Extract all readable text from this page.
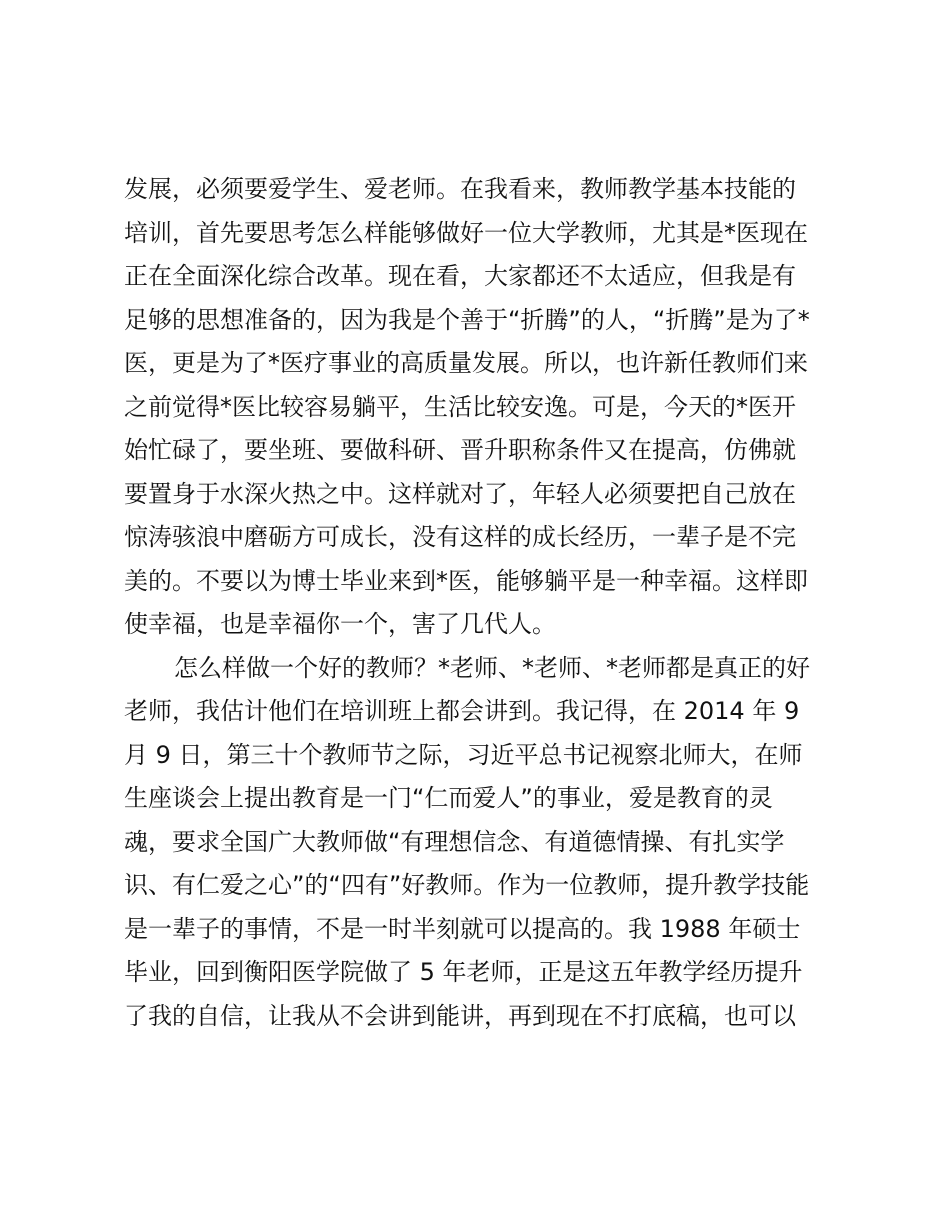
发展，必须要爱学生、爱老师。在我看来，教师教学基本技能的
培训，首先要思考怎么样能够做好一位大学教师，尤其是*医现在
正在全面深化综合改革。现在看，大家都还不太适应，但我是有
足够的思想准备的，因为我是个善于“折腾”的人，“折腾”是为了*
医，更是为了*医疗事业的高质量发展。所以，也许新任教师们来
之前觉得*医比较容易躺平，生活比较安逸。可是，今天的*医开
始忙碌了，要坐班、要做科研、晋升职称条件又在提高，仿佛就
要置身于水深火热之中。这样就对了，年轻人必须要把自己放在
惊涛骇浪中磨砺方可成长，没有这样的成长经历，一辈子是不完
美的。不要以为博士毕业来到*医，能够躺平是一种幸福。这样即
使幸福，也是幸福你一个，害了几代人。
怎么样做一个好的教师？*老师、*老师、*老师都是真正的好
老师，我估计他们在培训班上都会讲到。我记得，在 2014 年 9
月 9 日，第三十个教师节之际，习近平总书记视察北师大，在师
生座谈会上提出教育是一门“仁而爱人”的事业，爱是教育的灵
魂，要求全国广大教师做“有理想信念、有道德情操、有扎实学
识、有仁爱之心”的“四有”好教师。作为一位教师，提升教学技能
是一辈子的事情，不是一时半刻就可以提高的。我 1988 年硕士
毕业，回到衡阳医学院做了 5 年老师，正是这五年教学经历提升
了我的自信，让我从不会讲到能讲，再到现在不打底稿，也可以
